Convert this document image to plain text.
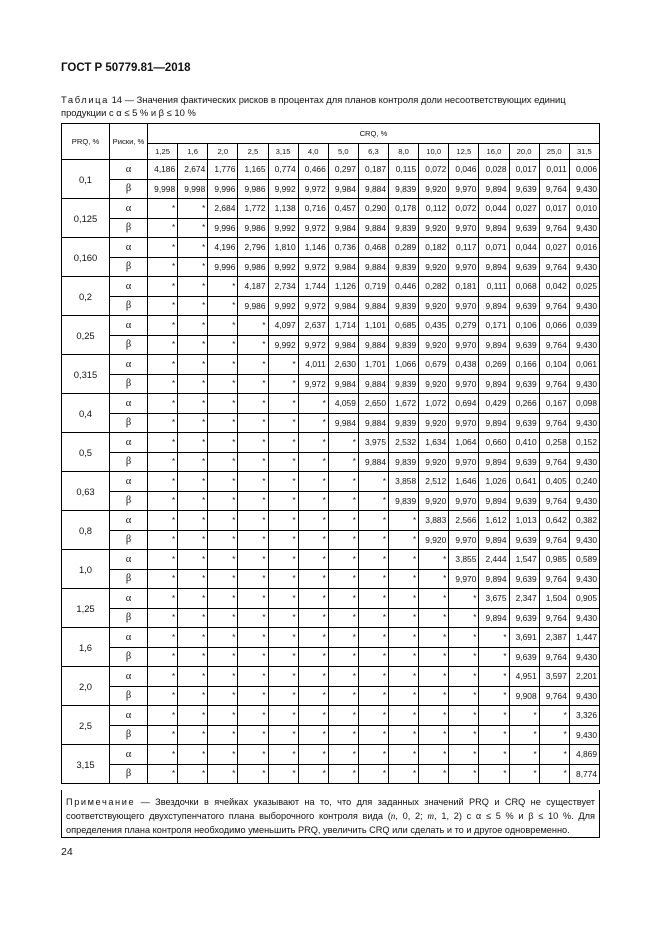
ГОСТ Р 50779.81—2018
Таблица 14 — Значения фактических рисков в процентах для планов контроля доли несоответствующих единиц продукции с α ≤ 5 % и β ≤ 10 %
PRQ, %	Риски, %	CRQ, %														
		1,25	1,6	2,0	2,5	3,15	4,0	5,0	6,3	8,0	10,0	12,5	16,0	20,0	25,0	31,5
0,1	α	4,186	2,674	1,776	1,165	0,774	0,466	0,297	0,187	0,115	0,072	0,046	0,028	0,017	0,011	0,006
	β	9,998	9,998	9,996	9,986	9,992	9,972	9,984	9,884	9,839	9,920	9,970	9,894	9,639	9,764	9,430
0,125	α	*	*	2,684	1,772	1,138	0,716	0,457	0,290	0,178	0,112	0,072	0,044	0,027	0,017	0,010
	β	*	*	9,996	9,986	9,992	9,972	9,984	9,884	9,839	9,920	9,970	9,894	9,639	9,764	9,430
0,160	α	*	*	4,196	2,796	1,810	1,146	0,736	0,468	0,289	0,182	0,117	0,071	0,044	0,027	0,016
	β	*	*	9,996	9,986	9,992	9,972	9,984	9,884	9,839	9,920	9,970	9,894	9,639	9,764	9,430
0,2	α	*	*	*	4,187	2,734	1,744	1,126	0,719	0,446	0,282	0,181	0,111	0,068	0,042	0,025
	β	*	*	*	9,986	9,992	9,972	9,984	9,884	9,839	9,920	9,970	9,894	9,639	9,764	9,430
0,25	α	*	*	*	*	4,097	2,637	1,714	1,101	0,685	0,435	0,279	0,171	0,106	0,066	0,039
	β	*	*	*	*	9,992	9,972	9,984	9,884	9,839	9,920	9,970	9,894	9,639	9,764	9,430
0,315	α	*	*	*	*	*	4,011	2,630	1,701	1,066	0,679	0,438	0,269	0,166	0,104	0,061
	β	*	*	*	*	*	9,972	9,984	9,884	9,839	9,920	9,970	9,894	9,639	9,764	9,430
0,4	α	*	*	*	*	*	*	4,059	2,650	1,672	1,072	0,694	0,429	0,266	0,167	0,098
	β	*	*	*	*	*	*	9,984	9,884	9,839	9,920	9,970	9,894	9,639	9,764	9,430
0,5	α	*	*	*	*	*	*	*	3,975	2,532	1,634	1,064	0,660	0,410	0,258	0,152
	β	*	*	*	*	*	*	*	9,884	9,839	9,920	9,970	9,894	9,639	9,764	9,430
0,63	α	*	*	*	*	*	*	*	*	3,858	2,512	1,646	1,026	0,641	0,405	0,240
	β	*	*	*	*	*	*	*	*	9,839	9,920	9,970	9,894	9,639	9,764	9,430
0,8	α	*	*	*	*	*	*	*	*	*	3,883	2,566	1,612	1,013	0,642	0,382
	β	*	*	*	*	*	*	*	*	*	9,920	9,970	9,894	9,639	9,764	9,430
1,0	α	*	*	*	*	*	*	*	*	*	*	3,855	2,444	1,547	0,985	0,589
	β	*	*	*	*	*	*	*	*	*	*	9,970	9,894	9,639	9,764	9,430
1,25	α	*	*	*	*	*	*	*	*	*	*	*	3,675	2,347	1,504	0,905
	β	*	*	*	*	*	*	*	*	*	*	*	9,894	9,639	9,764	9,430
1,6	α	*	*	*	*	*	*	*	*	*	*	*	*	3,691	2,387	1,447
	β	*	*	*	*	*	*	*	*	*	*	*	*	9,639	9,764	9,430
2,0	α	*	*	*	*	*	*	*	*	*	*	*	*	4,951	3,597	2,201
	β	*	*	*	*	*	*	*	*	*	*	*	*	9,908	9,764	9,430
2,5	α	*	*	*	*	*	*	*	*	*	*	*	*	*	*	3,326
	β	*	*	*	*	*	*	*	*	*	*	*	*	*	*	9,430
3,15	α	*	*	*	*	*	*	*	*	*	*	*	*	*	*	4,869
	β	*	*	*	*	*	*	*	*	*	*	*	*	*	*	8,774
Примечание — Звездочки в ячейках указывают на то, что для заданных значений PRQ и CRQ не существует соответствующего двухступенчатого плана выборочного контроля вида (n, 0, 2; m, 1, 2) с α ≤ 5 % и β ≤ 10 %. Для определения плана контроля необходимо уменьшить PRQ, увеличить CRQ или сделать и то и другое одновременно.
24
